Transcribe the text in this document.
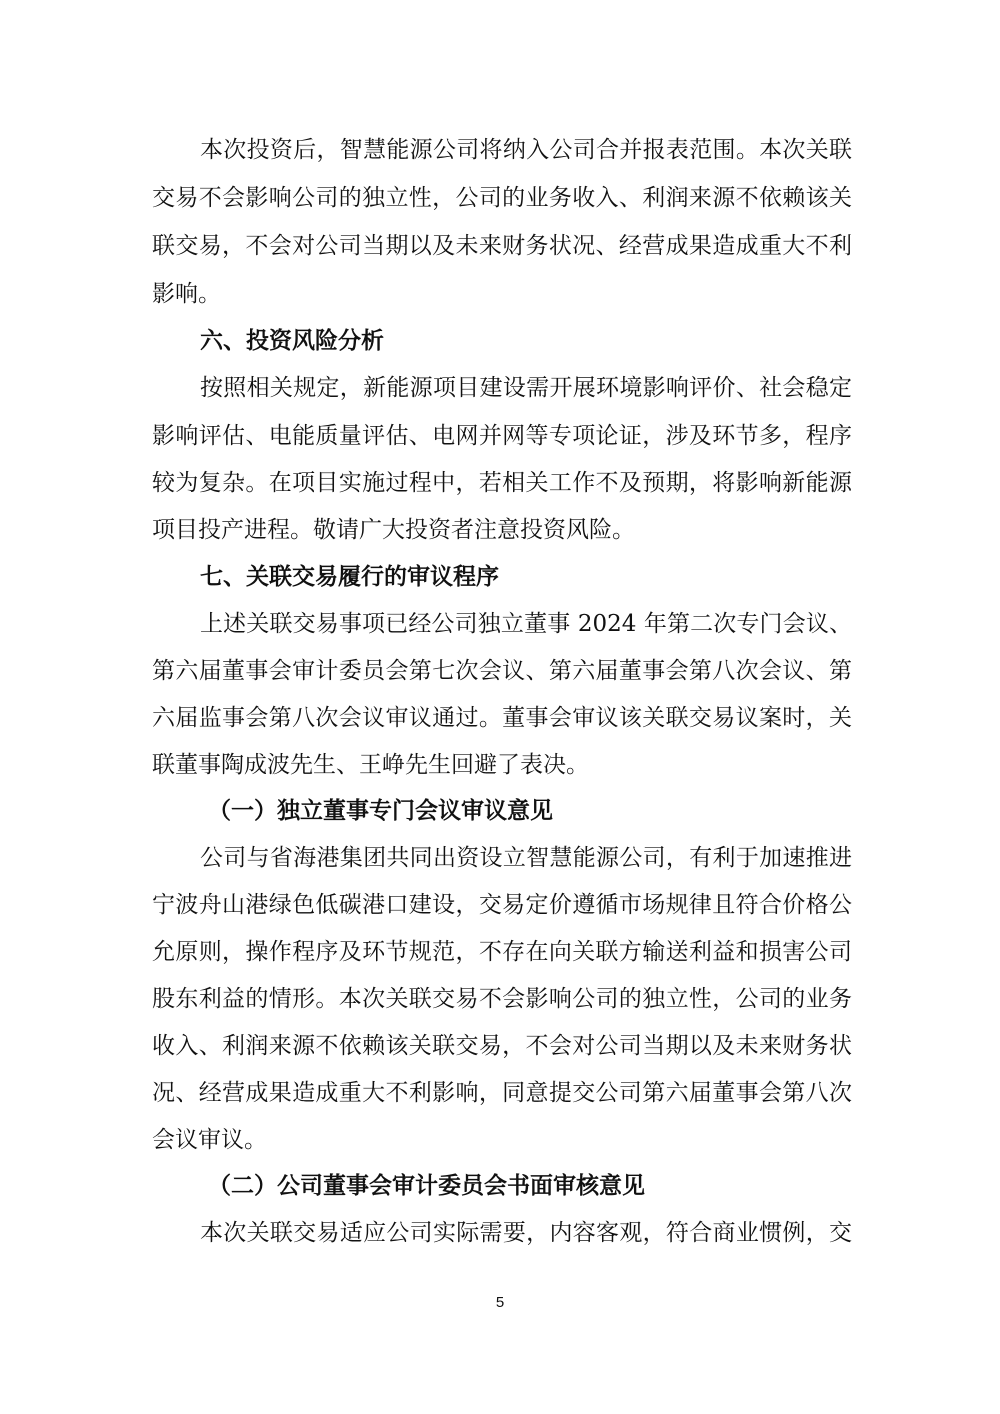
本次投资后，智慧能源公司将纳入公司合并报表范围。本次关联
交易不会影响公司的独立性，公司的业务收入、利润来源不依赖该关
联交易，不会对公司当期以及未来财务状况、经营成果造成重大不利
影响。
六、投资风险分析
按照相关规定，新能源项目建设需开展环境影响评价、社会稳定
影响评估、电能质量评估、电网并网等专项论证，涉及环节多，程序
较为复杂。在项目实施过程中，若相关工作不及预期，将影响新能源
项目投产进程。敬请广大投资者注意投资风险。
七、关联交易履行的审议程序
上述关联交易事项已经公司独立董事 2024 年第二次专门会议、
第六届董事会审计委员会第七次会议、第六届董事会第八次会议、第
六届监事会第八次会议审议通过。董事会审议该关联交易议案时，关
联董事陶成波先生、王峥先生回避了表决。
（一）独立董事专门会议审议意见
公司与省海港集团共同出资设立智慧能源公司，有利于加速推进
宁波舟山港绿色低碳港口建设，交易定价遵循市场规律且符合价格公
允原则，操作程序及环节规范，不存在向关联方输送利益和损害公司
股东利益的情形。本次关联交易不会影响公司的独立性，公司的业务
收入、利润来源不依赖该关联交易，不会对公司当期以及未来财务状
况、经营成果造成重大不利影响，同意提交公司第六届董事会第八次
会议审议。
（二）公司董事会审计委员会书面审核意见
本次关联交易适应公司实际需要，内容客观，符合商业惯例，交
5
